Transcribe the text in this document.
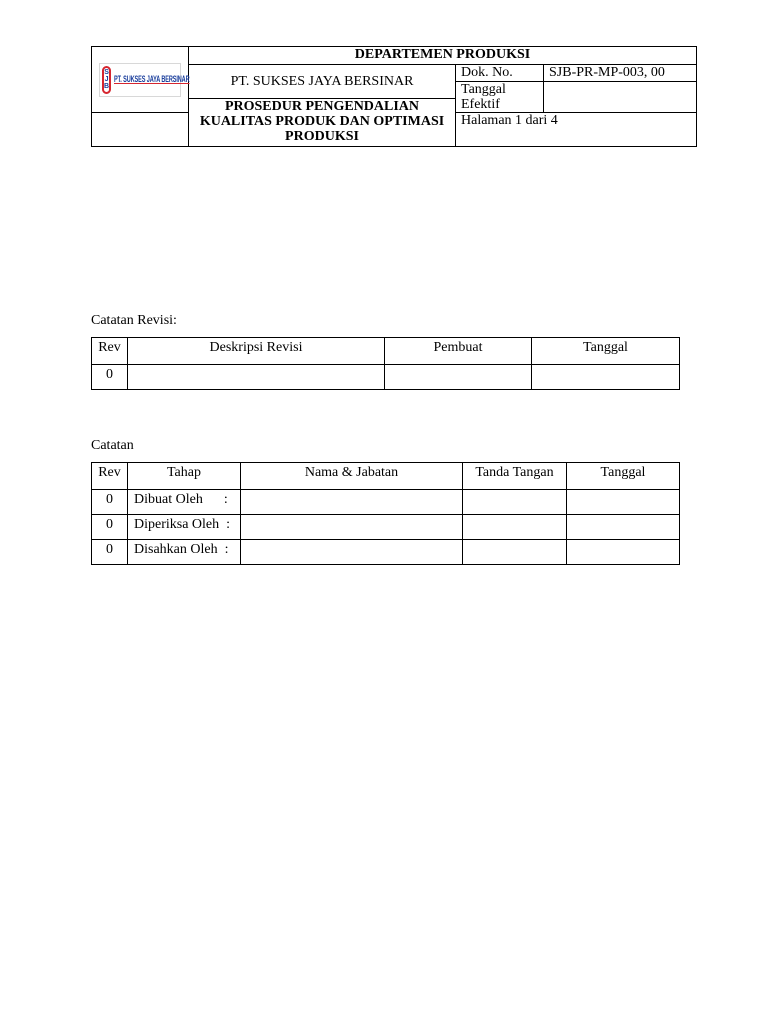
S
J
B
PT. SUKSES JAYA BERSINAR	DEPARTEMEN PRODUKSI		
	PT. SUKSES JAYA BERSINAR	Dok. No.	SJB-PR-MP-003, 00
		Tanggal Efektif	
	PROSEDUR PENGENDALIAN KUALITAS PRODUK DAN OPTIMASI PRODUKSI		
		Halaman 1 dari 4	
Catatan Revisi:
Rev	Deskripsi Revisi	Pembuat	Tanggal
0			
Catatan
Rev	Tahap	Nama & Jabatan	Tanda Tangan	Tanggal
0	Dibuat Oleh      :			
0	Diperiksa Oleh  :			
0	Disahkan Oleh  :			
